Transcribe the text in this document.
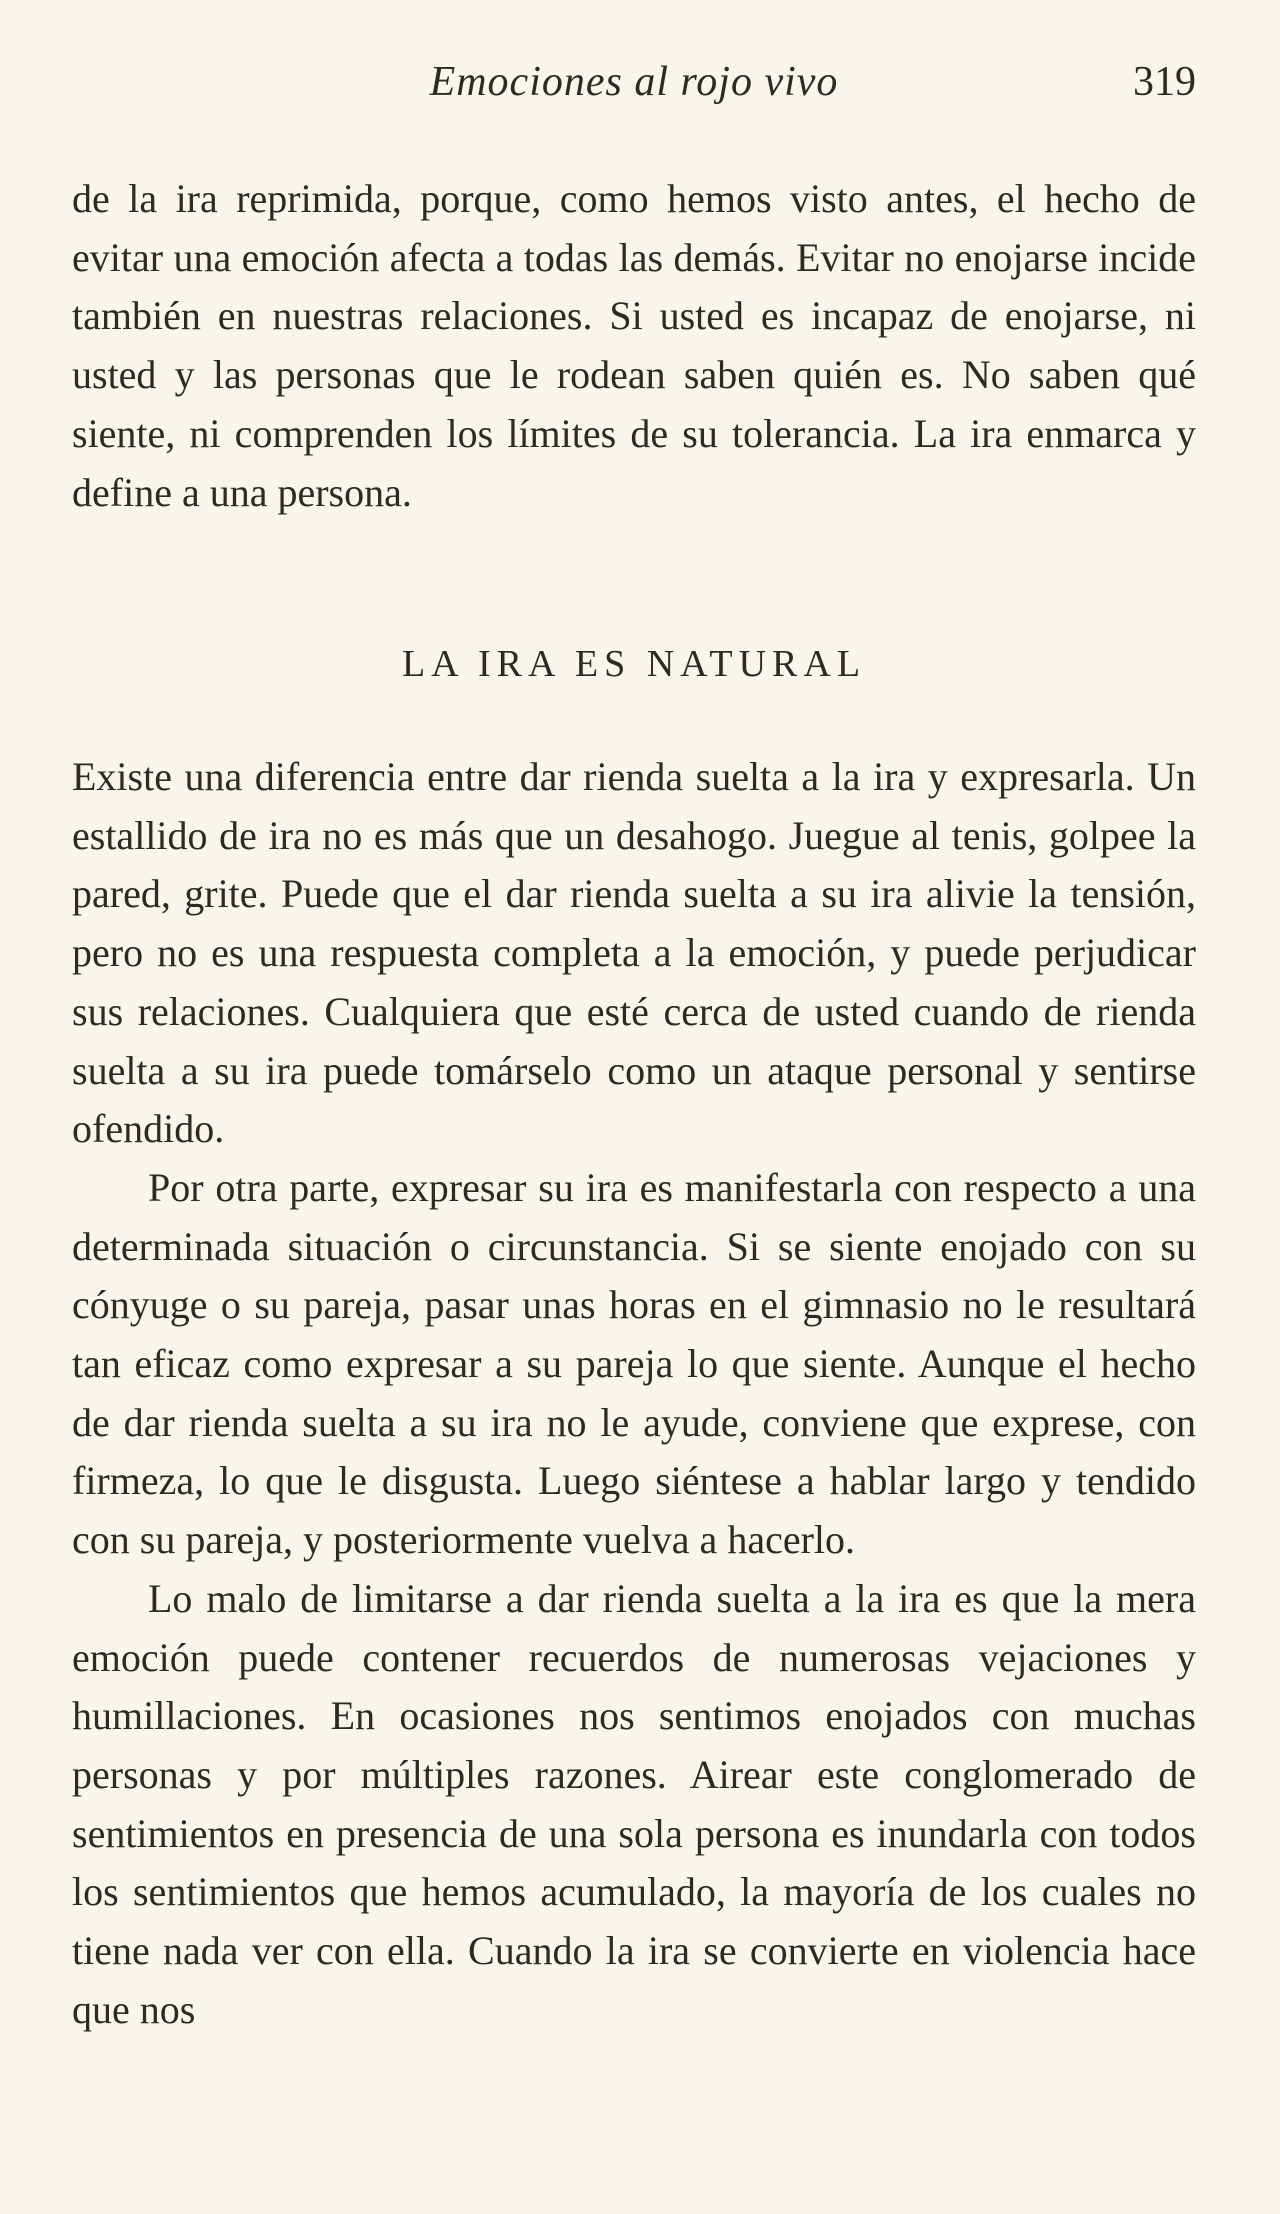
Emociones al rojo vivo	319

de la ira reprimida, porque, como hemos visto antes, el hecho de evitar una emoción afecta a todas las demás. Evitar no enojarse incide también en nuestras relaciones. Si usted es incapaz de enojarse, ni usted y las personas que le rodean saben quién es. No saben qué siente, ni comprenden los límites de su tolerancia. La ira enmarca y define a una persona.

LA IRA ES NATURAL

Existe una diferencia entre dar rienda suelta a la ira y expresarla. Un estallido de ira no es más que un desahogo. Juegue al tenis, golpee la pared, grite. Puede que el dar rienda suelta a su ira alivie la tensión, pero no es una respuesta completa a la emoción, y puede perjudicar sus relaciones. Cualquiera que esté cerca de usted cuando de rienda suelta a su ira puede tomárselo como un ataque personal y sentirse ofendido.

Por otra parte, expresar su ira es manifestarla con respecto a una determinada situación o circunstancia. Si se siente enojado con su cónyuge o su pareja, pasar unas horas en el gimnasio no le resultará tan eficaz como expresar a su pareja lo que siente. Aunque el hecho de dar rienda suelta a su ira no le ayude, conviene que exprese, con firmeza, lo que le disgusta. Luego siéntese a hablar largo y tendido con su pareja, y posteriormente vuelva a hacerlo.

Lo malo de limitarse a dar rienda suelta a la ira es que la mera emoción puede contener recuerdos de numerosas vejaciones y humillaciones. En ocasiones nos sentimos enojados con muchas personas y por múltiples razones. Airear este conglomerado de sentimientos en presencia de una sola persona es inundarla con todos los sentimientos que hemos acumulado, la mayoría de los cuales no tiene nada ver con ella. Cuando la ira se convierte en violencia hace que nos
